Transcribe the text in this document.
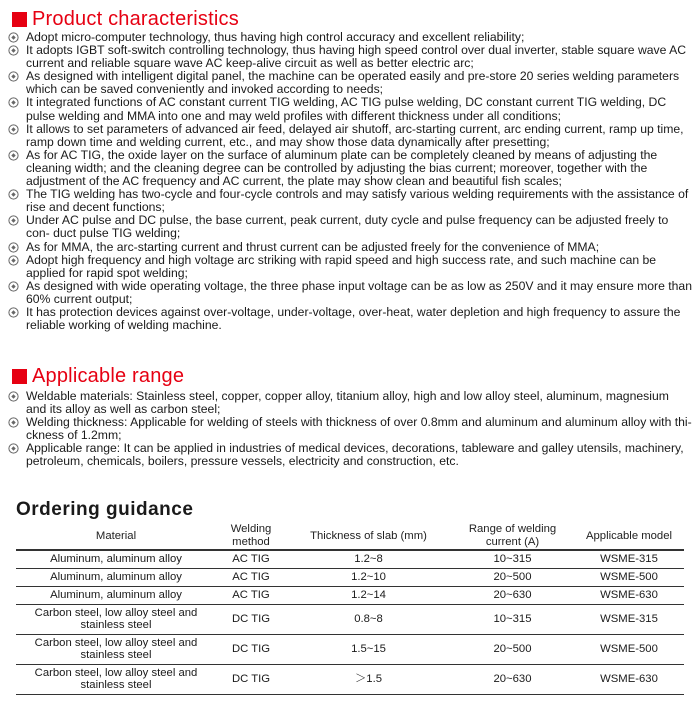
Product characteristics
Adopt micro-computer technology, thus having high control accuracy and excellent reliability;
It adopts IGBT soft-switch controlling technology, thus having high speed control over dual inverter, stable square wave AC current and reliable square wave AC keep-alive circuit as well as better electric arc;
As designed with intelligent digital panel, the machine can be operated easily and pre-store 20 series welding parameters which can be saved conveniently and invoked according to needs;
It integrated functions of AC constant current TIG welding, AC TIG pulse welding, DC constant current TIG welding, DC pulse welding and MMA into one and may weld profiles with different thickness under all conditions;
It allows to set parameters of advanced air feed, delayed air shutoff, arc-starting current, arc ending current, ramp up time, ramp down time and welding current, etc., and may show those data dynamically after presetting;
As for AC TIG, the oxide layer on the surface of aluminum plate can be completely cleaned by means of adjusting the cleaning width; and the cleaning degree can be controlled by adjusting the bias current; moreover, together with the adjustment of the AC frequency and AC current, the plate may show clean and beautiful fish scales;
The TIG welding has two-cycle and four-cycle controls and may satisfy various welding requirements with the assistance of rise and decent functions;
Under AC pulse and DC pulse, the base current, peak current, duty cycle and pulse frequency can be adjusted freely to con- duct pulse TIG welding;
As for MMA, the arc-starting current and thrust current can be adjusted freely for the convenience of MMA;
Adopt high frequency and high voltage arc striking with rapid speed and high success rate, and such machine can be applied for rapid spot welding;
As designed with wide operating voltage, the three phase input voltage can be as low as 250V and it may ensure more than 60% current output;
It has protection devices against over-voltage, under-voltage, over-heat, water depletion and high frequency to assure the reliable working of welding machine.
Applicable range
Weldable materials: Stainless steel, copper, copper alloy, titanium alloy, high and low alloy steel, aluminum, magnesium and its alloy as well as carbon steel;
Welding thickness: Applicable for welding of steels with thickness of over 0.8mm and aluminum and aluminum alloy with thi- ckness of 1.2mm;
Applicable range: It can be applied in industries of medical devices, decorations, tableware and galley utensils, machinery, petroleum, chemicals, boilers, pressure vessels, electricity and construction, etc.
Ordering guidance
Material	Welding method	Thickness of slab (mm)	Range of welding current (A)	Applicable model
Aluminum, aluminum alloy	AC TIG	1.2~8	10~315	WSME-315
Aluminum, aluminum alloy	AC TIG	1.2~10	20~500	WSME-500
Aluminum, aluminum alloy	AC TIG	1.2~14	20~630	WSME-630
Carbon steel, low alloy steel and stainless steel	DC TIG	0.8~8	10~315	WSME-315
Carbon steel, low alloy steel and stainless steel	DC TIG	1.5~15	20~500	WSME-500
Carbon steel, low alloy steel and stainless steel	DC TIG	＞1.5	20~630	WSME-630
